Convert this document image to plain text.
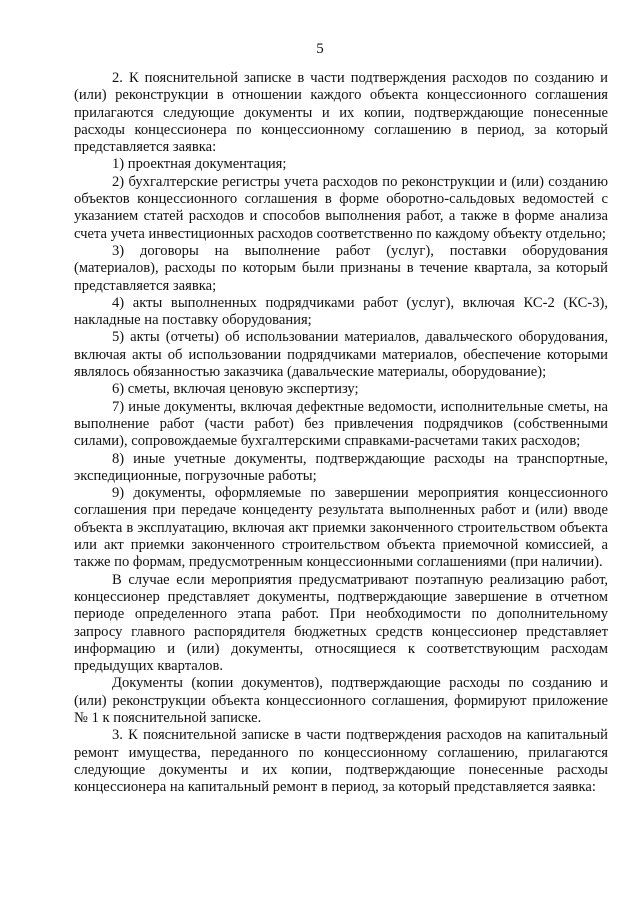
5

2. К пояснительной записке в части подтверждения расходов по созданию и (или) реконструкции в отношении каждого объекта концессионного соглашения прилагаются следующие документы и их копии, подтверждающие понесенные расходы концессионера по концессионному соглашению в период, за который представляется заявка:

1) проектная документация;

2) бухгалтерские регистры учета расходов по реконструкции и (или) созданию объектов концессионного соглашения в форме оборотно-сальдовых ведомостей с указанием статей расходов и способов выполнения работ, а также в форме анализа счета учета инвестиционных расходов соответственно по каждому объекту отдельно;

3) договоры на выполнение работ (услуг), поставки оборудования (материалов), расходы по которым были признаны в течение квартала, за который представляется заявка;

4) акты выполненных подрядчиками работ (услуг), включая КС-2 (КС-3), накладные на поставку оборудования;

5) акты (отчеты) об использовании материалов, давальческого оборудования, включая акты об использовании подрядчиками материалов, обеспечение которыми являлось обязанностью заказчика (давальческие материалы, оборудование);

6) сметы, включая ценовую экспертизу;

7) иные документы, включая дефектные ведомости, исполнительные сметы, на выполнение работ (части работ) без привлечения подрядчиков (собственными силами), сопровождаемые бухгалтерскими справками-расчетами таких расходов;

8) иные учетные документы, подтверждающие расходы на транспортные, экспедиционные, погрузочные работы;

9) документы, оформляемые по завершении мероприятия концессионного соглашения при передаче концеденту результата выполненных работ и (или) вводе объекта в эксплуатацию, включая акт приемки законченного строительством объекта или акт приемки законченного строительством объекта приемочной комиссией, а также по формам, предусмотренным концессионными соглашениями (при наличии).

В случае если мероприятия предусматривают поэтапную реализацию работ, концессионер представляет документы, подтверждающие завершение в отчетном периоде определенного этапа работ. При необходимости по дополнительному запросу главного распорядителя бюджетных средств концессионер представляет информацию и (или) документы, относящиеся к соответствующим расходам предыдущих кварталов.

Документы (копии документов), подтверждающие расходы по созданию и (или) реконструкции объекта концессионного соглашения, формируют приложение № 1 к пояснительной записке.

3. К пояснительной записке в части подтверждения расходов на капитальный ремонт имущества, переданного по концессионному соглашению, прилагаются следующие документы и их копии, подтверждающие понесенные расходы концессионера на капитальный ремонт в период, за который представляется заявка:
